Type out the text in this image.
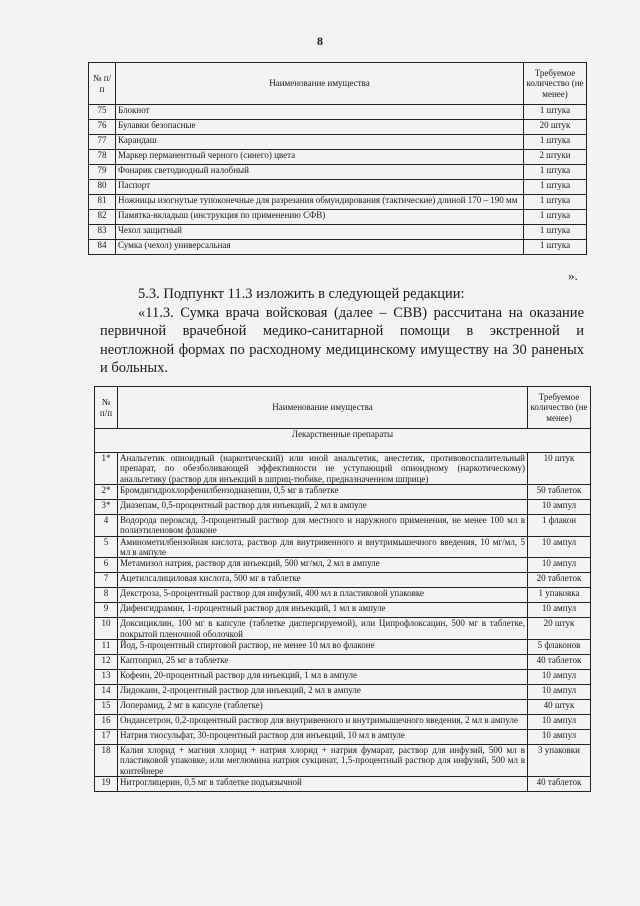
8
№ п/п	Наименование имущества	Требуемое количество (не менее)
75	Блокнот	1 штука
76	Булавки безопасные	20 штук
77	Карандаш	1 штука
78	Маркер перманентный черного (синего) цвета	2 штуки
79	Фонарик светодиодный налобный	1 штука
80	Паспорт	1 штука
81	Ножницы изогнутые тупоконечные для разрезания обмундирования (тактические) длиной 170 – 190 мм	1 штука
82	Памятка-вкладыш (инструкция по применению СФВ)	1 штука
83	Чехол защитный	1 штука
84	Сумка (чехол) универсальная	1 штука
».

5.3. Подпункт 11.3 изложить в следующей редакции:

«11.3. Сумка врача войсковая (далее – СВВ) рассчитана на оказание первичной врачебной медико-санитарной помощи в экстренной и неотложной формах по расходному медицинскому имуществу на 30 раненых и больных.

№ п/п	Наименование имущества	Требуемое количество (не менее)
Лекарственные препараты		
1*	Анальгетик опиоидный (наркотический) или иной анальгетик, анестетик, противовоспалительный препарат, по обезболивающей эффективности не уступающий опиоидному (наркотическому) анальгетику (раствор для инъекций в шприц-тюбике, предназначенном шприце)	10 штук
2*	Бромдигидрохлорфенилбензодиазепин, 0,5 мг в таблетке	50 таблеток
3*	Диазепам, 0,5-процентный раствор для инъекций, 2 мл в ампуле	10 ампул
4	Водорода пероксид, 3-процентный раствор для местного и наружного применения, не менее 100 мл в полиэтиленовом флаконе	1 флакон
5	Аминометилбензойная кислота, раствор для внутривенного и внутримышечного введения, 10 мг/мл, 5 мл в ампуле	10 ампул
6	Метамизол натрия, раствор для инъекций, 500 мг/мл, 2 мл в ампуле	10 ампул
7	Ацетилсалициловая кислота, 500 мг в таблетке	20 таблеток
8	Декстроза, 5-процентный раствор для инфузий, 400 мл в пластиковой упаковке	1 упаковка
9	Дифенгидрамин, 1-процентный раствор для инъекций, 1 мл в ампуле	10 ампул
10	Доксициклин, 100 мг в капсуле (таблетке диспергируемой), или Ципрофлоксацин, 500 мг в таблетке, покрытой пленочной оболочкой	20 штук
11	Йод, 5-процентный спиртовой раствор, не менее 10 мл во флаконе	5 флаконов
12	Каптоприл, 25 мг в таблетке	40 таблеток
13	Кофеин, 20-процентный раствор для инъекций, 1 мл в ампуле	10 ампул
14	Лидокаин, 2-процентный раствор для инъекций, 2 мл в ампуле	10 ампул
15	Лоперамид, 2 мг в капсуле (таблетке)	40 штук
16	Ондансетрон, 0,2-процентный раствор для внутривенного и внутримышечного введения, 2 мл в ампуле	10 ампул
17	Натрия тиосульфат, 30-процентный раствор для инъекций, 10 мл в ампуле	10 ампул
18	Калия хлорид + магния хлорид + натрия хлорид + натрия фумарат, раствор для инфузий, 500 мл в пластиковой упаковке, или меглюмина натрия сукцинат, 1,5-процентный раствор для инфузий, 500 мл в контейнере	3 упаковки
19	Нитроглицерин, 0,5 мг в таблетке подъязычной	40 таблеток
